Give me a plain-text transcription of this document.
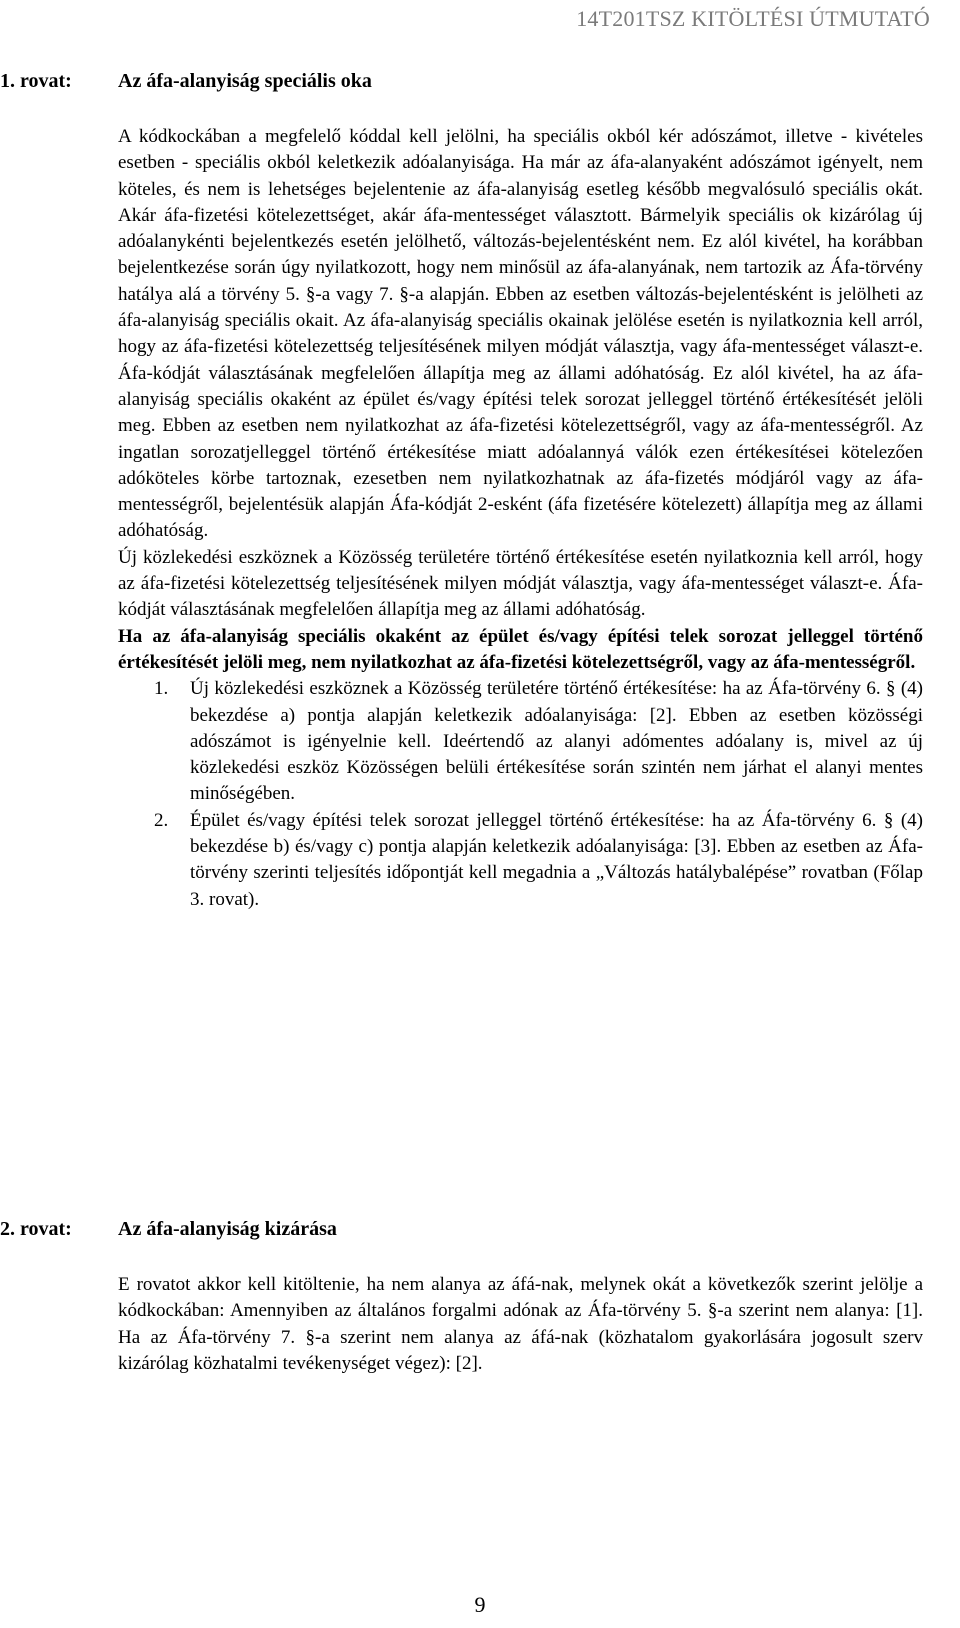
14T201TSZ KITÖLTÉSI ÚTMUTATÓ
1. rovat:	Az áfa-alanyiság speciális oka

A kódkockában a megfelelő kóddal kell jelölni, ha speciális okból kér adószámot, illetve - kivételes esetben - speciális okból keletkezik adóalanyisága. Ha már az áfa-alanyaként adószámot igényelt, nem köteles, és nem is lehetséges bejelentenie az áfa-alanyiság esetleg később megvalósuló speciális okát. Akár áfa-fizetési kötelezettséget, akár áfa-mentességet választott. Bármelyik speciális ok kizárólag új adóalanykénti bejelentkezés esetén jelölhető, változás-bejelentésként nem. Ez alól kivétel, ha korábban bejelentkezése során úgy nyilatkozott, hogy nem minősül az áfa-alanyának, nem tartozik az Áfa-törvény hatálya alá a törvény 5. §-a vagy 7. §-a alapján. Ebben az esetben változás-bejelentésként is jelölheti az áfa-alanyiság speciális okait. Az áfa-alanyiság speciális okainak jelölése esetén is nyilatkoznia kell arról, hogy az áfa-fizetési kötelezettség teljesítésének milyen módját választja, vagy áfa-mentességet választ-e. Áfa-kódját választásának megfelelően állapítja meg az állami adóhatóság. Ez alól kivétel, ha az áfa-alanyiság speciális okaként az épület és/vagy építési telek sorozat jelleggel történő értékesítését jelöli meg. Ebben az esetben nem nyilatkozhat az áfa-fizetési kötelezettségről, vagy az áfa-mentességről. Az ingatlan sorozatjelleggel történő értékesítése miatt adóalannyá válók ezen értékesítései kötelezően adóköteles körbe tartoznak, ezesetben nem nyilatkozhatnak az áfa-fizetés módjáról vagy az áfa-mentességről, bejelentésük alapján Áfa-kódját 2-esként (áfa fizetésére kötelezett) állapítja meg az állami adóhatóság.

Új közlekedési eszköznek a Közösség területére történő értékesítése esetén nyilatkoznia kell arról, hogy az áfa-fizetési kötelezettség teljesítésének milyen módját választja, vagy áfa-mentességet választ-e. Áfa-kódját választásának megfelelően állapítja meg az állami adóhatóság.

Ha az áfa-alanyiság speciális okaként az épület és/vagy építési telek sorozat jelleggel történő értékesítését jelöli meg, nem nyilatkozhat az áfa-fizetési kötelezettségről, vagy az áfa-mentességről.

1. Új közlekedési eszköznek a Közösség területére történő értékesítése: ha az Áfa-törvény 6. § (4) bekezdése a) pontja alapján keletkezik adóalanyisága: [2]. Ebben az esetben közösségi adószámot is igényelnie kell. Ideértendő az alanyi adómentes adóalany is, mivel az új közlekedési eszköz Közösségen belüli értékesítése során szintén nem járhat el alanyi mentes minőségében.
2. Épület és/vagy építési telek sorozat jelleggel történő értékesítése: ha az Áfa-törvény 6. § (4) bekezdése b) és/vagy c) pontja alapján keletkezik adóalanyisága: [3]. Ebben az esetben az Áfa-törvény szerinti teljesítés időpontját kell megadnia a „Változás hatálybalépése” rovatban (Főlap 3. rovat).
2. rovat:	Az áfa-alanyiság kizárása

E rovatot akkor kell kitöltenie, ha nem alanya az áfá-nak, melynek okát a következők szerint jelölje a kódkockában: Amennyiben az általános forgalmi adónak az Áfa-törvény 5. §-a szerint nem alanya: [1]. Ha az Áfa-törvény 7. §-a szerint nem alanya az áfá-nak (közhatalom gyakorlására jogosult szerv kizárólag közhatalmi tevékenységet végez): [2].

9
